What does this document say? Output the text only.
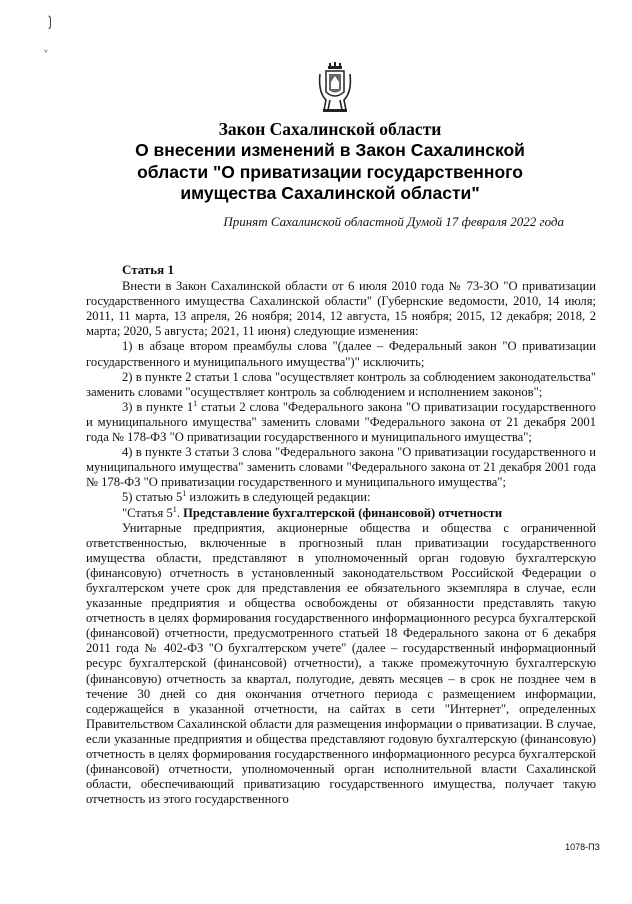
❳
ᵛ
Закон Сахалинской области
О внесении изменений в Закон Сахалинской
области "О приватизации государственного
имущества Сахалинской области"
Принят Сахалинской областной Думой 17 февраля 2022 года

Статья 1

Внести в Закон Сахалинской области от 6 июля 2010 года № 73-ЗО "О приватизации государственного имущества Сахалинской области" (Губернские ведомости, 2010, 14 июля; 2011, 11 марта, 13 апреля, 26 ноября; 2014, 12 августа, 15 ноября; 2015, 12 декабря; 2018, 2 марта; 2020, 5 августа; 2021, 11 июня) следующие изменения:

1) в абзаце втором преамбулы слова "(далее – Федеральный закон "О приватизации государственного и муниципального имущества")" исключить;

2) в пункте 2 статьи 1 слова "осуществляет контроль за соблюдением законодательства" заменить словами "осуществляет контроль за соблюдением и исполнением законов";

3) в пункте $1^1$ статьи 2 слова "Федерального закона "О приватизации государственного и муниципального имущества" заменить словами "Федерального закона от 21 декабря 2001 года № 178-ФЗ "О приватизации государственного и муниципального имущества";

4) в пункте 3 статьи 3 слова "Федерального закона "О приватизации государственного и муниципального имущества" заменить словами "Федерального закона от 21 декабря 2001 года № 178-ФЗ "О приватизации государственного и муниципального имущества";

5) статью $5^1$ изложить в следующей редакции:

"Статья $5^1$. Представление бухгалтерской (финансовой) отчетности

Унитарные предприятия, акционерные общества и общества с ограниченной ответственностью, включенные в прогнозный план приватизации государственного имущества области, представляют в уполномоченный орган годовую бухгалтерскую (финансовую) отчетность в установленный законодательством Российской Федерации о бухгалтерском учете срок для представления ее обязательного экземпляра в случае, если указанные предприятия и общества освобождены от обязанности представлять такую отчетность в целях формирования государственного информационного ресурса бухгалтерской (финансовой) отчетности, предусмотренного статьей 18 Федерального закона от 6 декабря 2011 года № 402-ФЗ "О бухгалтерском учете" (далее – государственный информационный ресурс бухгалтерской (финансовой) отчетности), а также промежуточную бухгалтерскую (финансовую) отчетность за квартал, полугодие, девять месяцев – в срок не позднее чем в течение 30 дней со дня окончания отчетного периода с размещением информации, содержащейся в указанной отчетности, на сайтах в сети "Интернет", определенных Правительством Сахалинской области для размещения информации о приватизации. В случае, если указанные предприятия и общества представляют годовую бухгалтерскую (финансовую) отчетность в целях формирования государственного информационного ресурса бухгалтерской (финансовой) отчетности, уполномоченный орган исполнительной власти Сахалинской области, обеспечивающий приватизацию государственного имущества, получает такую отчетность из этого государственного

1078-ПЗ
